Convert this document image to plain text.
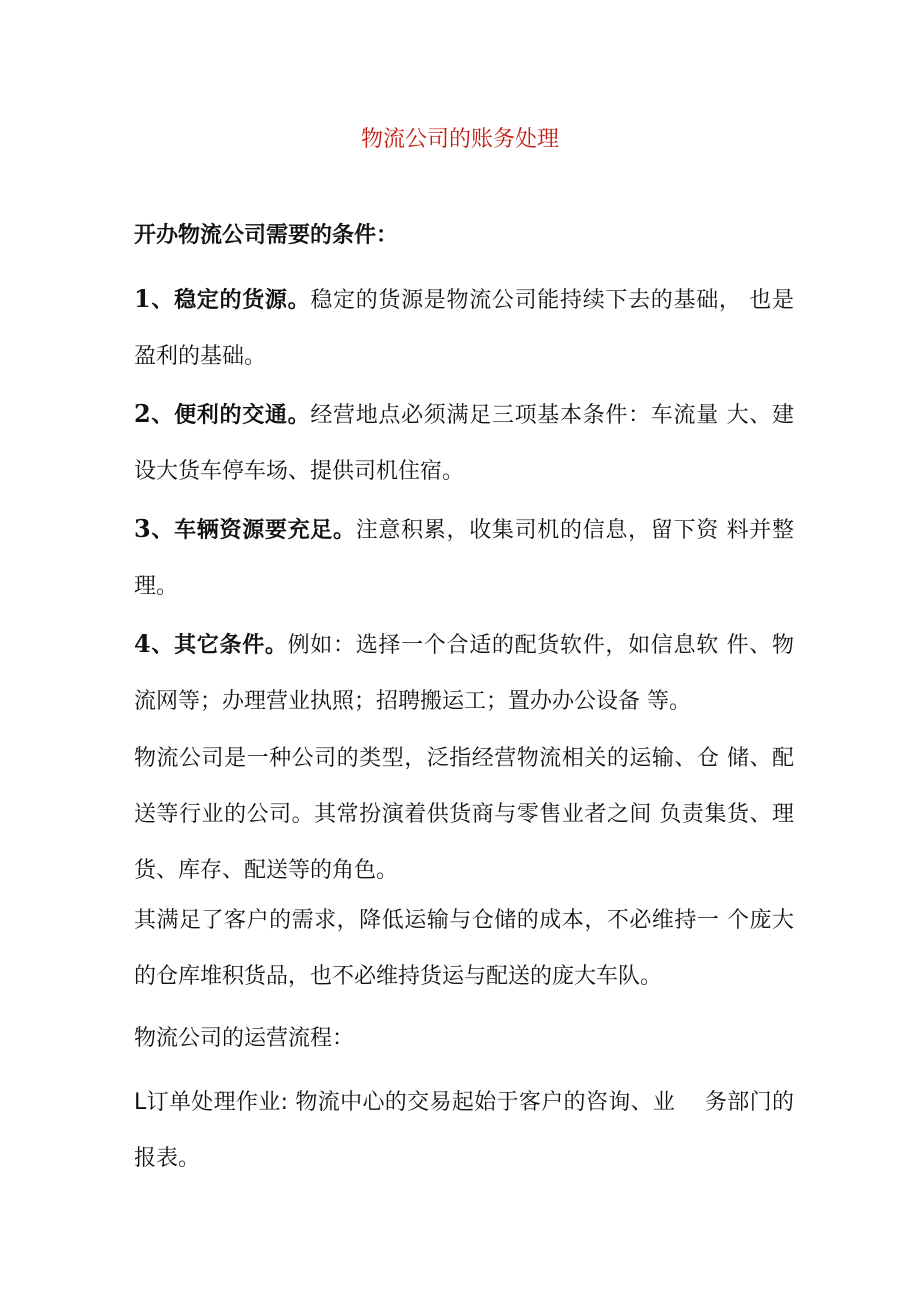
物流公司的账务处理
开办物流公司需要的条件：
1、稳定的货源。稳定的货源是物流公司能持续下去的基础， 也是盈利的基础。
2、便利的交通。经营地点必须满足三项基本条件：车流量 大、建设大货车停车场、提供司机住宿。
3、车辆资源要充足。注意积累，收集司机的信息，留下资 料并整理。
4、其它条件。例如：选择一个合适的配货软件，如信息软 件、物流网等；办理营业执照；招聘搬运工；置办办公设备 等。
物流公司是一种公司的类型，泛指经营物流相关的运输、仓 储、配送等行业的公司。其常扮演着供货商与零售业者之间 负责集货、理货、库存、配送等的角色。
其满足了客户的需求，降低运输与仓储的成本，不必维持一 个庞大的仓库堆积货品，也不必维持货运与配送的庞大车队。
物流公司的运营流程：
L订单处理作业: 物流中心的交易起始于客户的咨询、业　 务部门的报表。
